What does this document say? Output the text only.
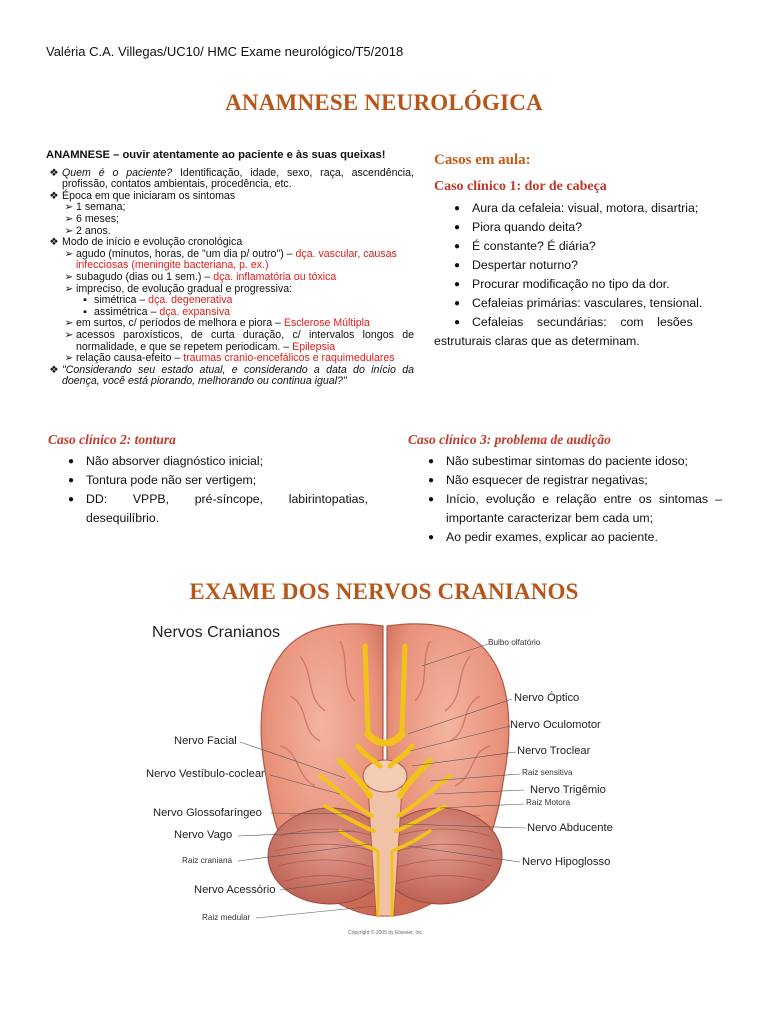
Valéria C.A. Villegas/UC10/ HMC Exame neurológico/T5/2018
ANAMNESE NEUROLÓGICA
ANAMNESE – ouvir atentamente ao paciente e às suas queixas!
❖ Quem é o paciente? Identificação, idade, sexo, raça, ascendência, profissão, contatos ambientais, procedência, etc.
❖ Época em que iniciaram os sintomas
➢ 1 semana;
➢ 6 meses;
➢ 2 anos.
❖ Modo de início e evolução cronológica
➢ agudo (minutos, horas, de "um dia p/ outro") – dça. vascular, causas infecciosas (meningite bacteriana, p. ex.)
➢ subagudo (dias ou 1 sem.) – dça. inflamatória ou tóxica
➢ impreciso, de evolução gradual e progressiva:
▪ simétrica – dça. degenerativa
▪ assimétrica – dça. expansiva
➢ em surtos, c/ períodos de melhora e piora – Esclerose Múltipla
➢ acessos paroxísticos, de curta duração, c/ intervalos longos de normalidade, e que se repetem periodicam. – Epilepsia
➢ relação causa-efeito – traumas cranio-encefálicos e raquimedulares
❖ "Considerando seu estado atual, e considerando a data do início da doença, você está piorando, melhorando ou continua igual?"
Casos em aula:
Caso clínico 1: dor de cabeça
● Aura da cefaleia: visual, motora, disartria;
● Piora quando deita?
● É constante? É diária?
● Despertar noturno?
● Procurar modificação no tipo da dor.
● Cefaleias primárias: vasculares, tensional.
● Cefaleias    secundárias:    com    lesões
estruturais claras que as determinam.
Caso clínico 2: tontura
● Não absorver diagnóstico inicial;
● Tontura pode não ser vertigem;
● DD:    VPPB,    pré-síncope,    labirintopatias, desequilíbrio.
Caso clínico 3: problema de audição
● Não subestimar sintomas do paciente idoso;
● Não esquecer de registrar negativas;
● Início, evolução e relação entre os sintomas – importante caracterizar bem cada um;
● Ao pedir exames, explicar ao paciente.
EXAME DOS NERVOS CRANIANOS
Nervos Cranianos
Bulbo olfatório
Nervo Óptico
Nervo Oculomotor
Nervo Troclear
Raiz sensitiva
Nervo Trigêmio
Raiz Motora
Nervo Abducente
Nervo Hipoglosso
Nervo Facial
Nervo Vestíbulo-coclear
Nervo Glossofaríngeo
Nervo Vago
Raiz craniana
Nervo Acessório
Raiz medular
Copyright © 2005 by Elsevier, Inc.
